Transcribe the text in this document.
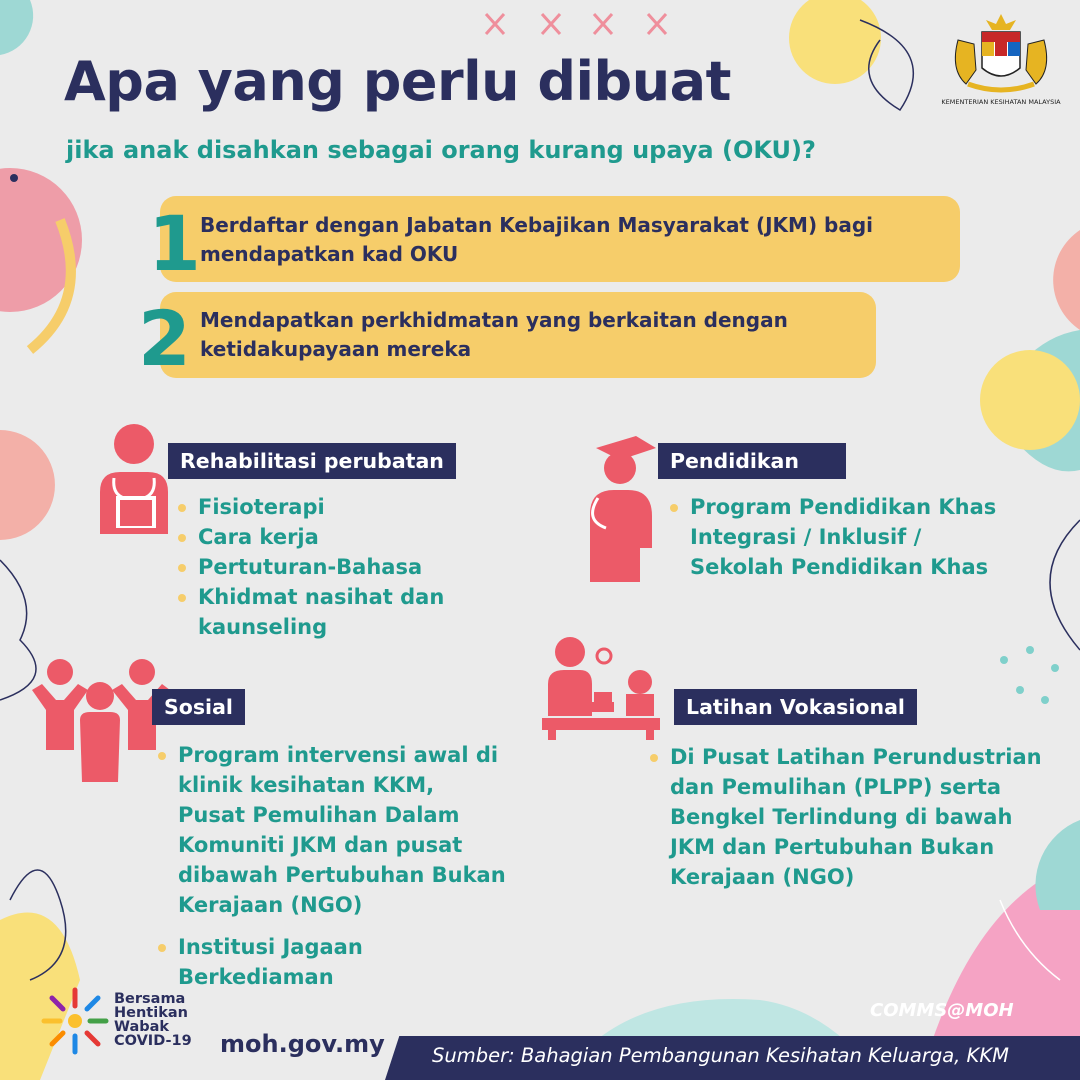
KEMENTERIAN KESIHATAN MALAYSIA
Apa yang perlu dibuat
jika anak disahkan sebagai orang kurang upaya (OKU)?
1 Berdaftar dengan Jabatan Kebajikan Masyarakat (JKM) bagi mendapatkan kad OKU
2 Mendapatkan perkhidmatan yang berkaitan dengan ketidakupayaan mereka
Rehabilitasi perubatan
Fisioterapi
Cara kerja
Pertuturan-Bahasa
Khidmat nasihat dan kaunseling
Pendidikan
Program Pendidikan Khas Integrasi / Inklusif / Sekolah Pendidikan Khas
Sosial
Program intervensi awal di klinik kesihatan KKM, Pusat Pemulihan Dalam Komuniti JKM dan pusat dibawah Pertubuhan Bukan Kerajaan (NGO)
Institusi Jagaan Berkediaman
Latihan Vokasional
Di Pusat Latihan Perundustrian dan Pemulihan (PLPP) serta Bengkel Terlindung di bawah JKM dan Pertubuhan Bukan Kerajaan (NGO)
Bersama
Hentikan
Wabak
COVID-19 moh.gov.my
COMMS@MOH
Sumber: Bahagian Pembangunan Kesihatan Keluarga, KKM
